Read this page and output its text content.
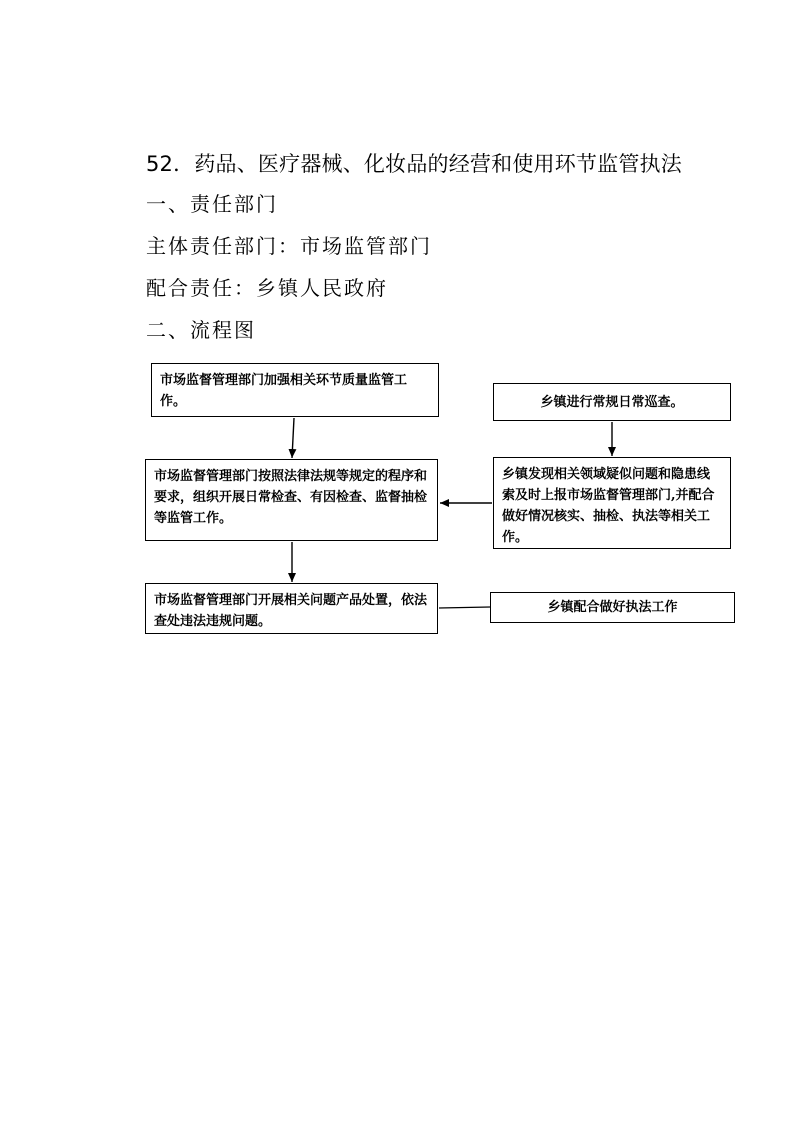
52．药品、医疗器械、化妆品的经营和使用环节监管执法
一、责任部门
主体责任部门：市场监管部门
配合责任：乡镇人民政府
二、流程图
市场监督管理部门加强相关环节质量监管工作。	乡镇进行常规日常巡查。
市场监督管理部门按照法律法规等规定的程序和要求，组织开展日常检查、有因检查、监督抽检等监管工作。
乡镇发现相关领域疑似问题和隐患线索及时上报市场监督管理部门,并配合做好情况核实、抽检、执法等相关工作。
市场监督管理部门开展相关问题产品处置，依法查处违法违规问题。
乡镇配合做好执法工作
